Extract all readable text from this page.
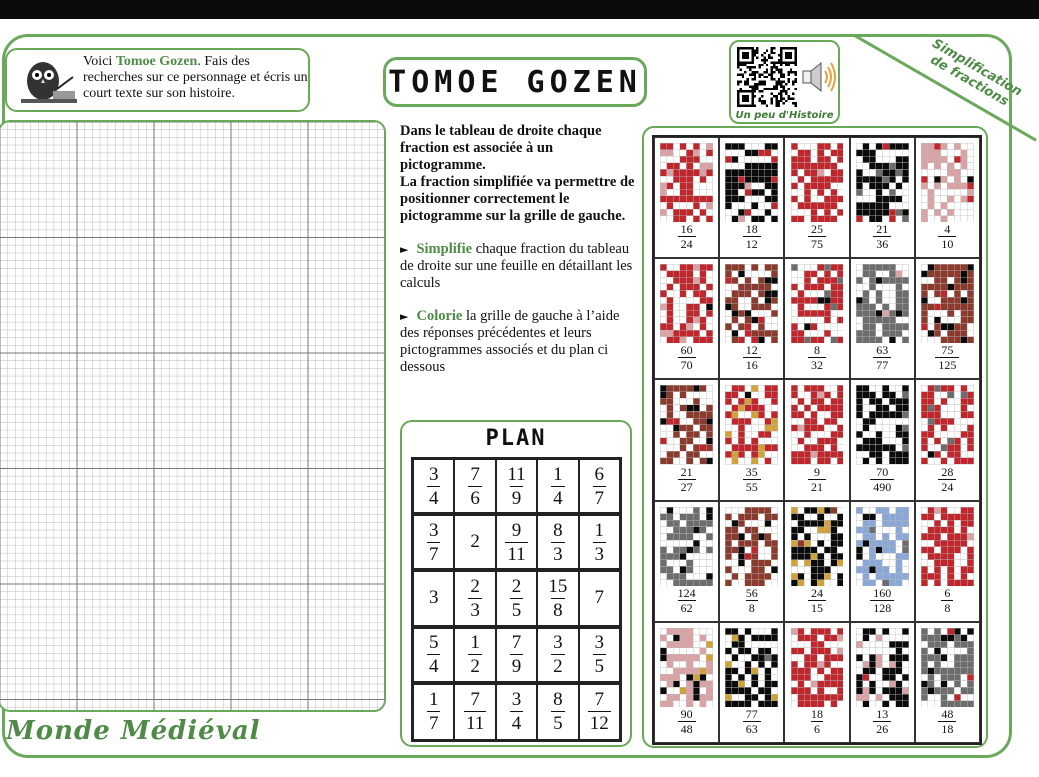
Voici Tomoe Gozen. Fais des recherches sur ce personnage et écris un court texte sur son histoire.	TOMOE GOZEN
Un peu d'Histoire
Simplification de fractions
Monde Médiéval

Dans le tableau de droite chaque fraction est associée à un pictogramme.

La fraction simplifiée va permettre de positionner correctement le pictogramme sur la grille de gauche.

► Simplifie chaque fraction du tableau de droite sur une feuille en détaillant les calculs

► Colorie la grille de gauche à l’aide des réponses précédentes et leurs pictogrammes associés et du plan ci dessous

PLAN
$\frac{3}{4} \frac{7}{6} \frac{11}{9} \frac{1}{4} \frac{6}{7}$
$\frac{3}{7} 2 \frac{9}{11} \frac{8}{3} \frac{1}{3}$
$3 \frac{2}{3} \frac{2}{5} \frac{15}{8} 7$
$\frac{5}{4} \frac{1}{2} \frac{7}{9} \frac{3}{2} \frac{3}{5}$
$\frac{1}{7} \frac{7}{11} \frac{3}{4} \frac{8}{5} \frac{7}{12}$
16
24
18
12
25
75
21
36
4
10
60
70
12
16
8
32
63
77
75
125
21
27
35
55
9
21
70
490
28
24
124
62
56
8
24
15
160
128
6
8
90
48
77
63
18
6
13
26
48
18
